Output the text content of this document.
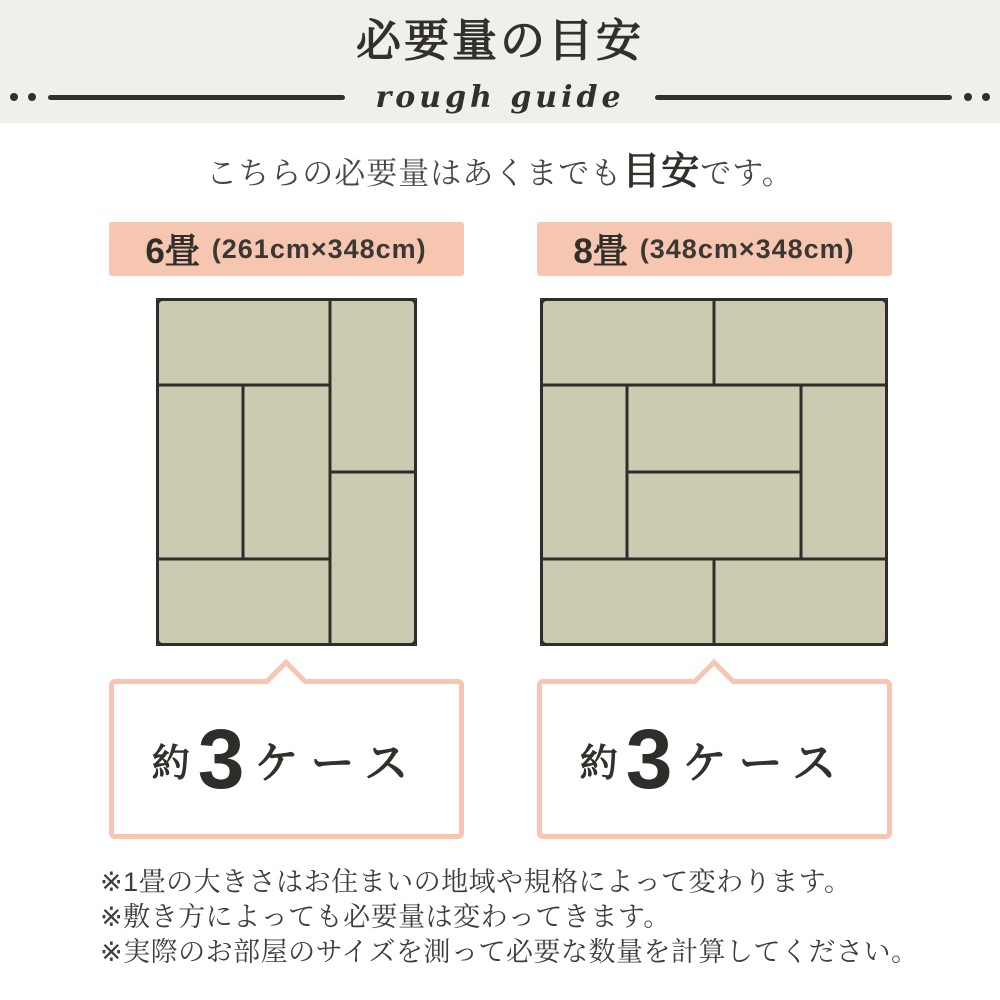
必要量の目安
rough guide

こちらの必要量はあくまでも目安です。

6畳 (261cm×348cm)
約 3 ケース
8畳 (348cm×348cm)
約 3 ケース
※1畳の大きさはお住まいの地域や規格によって変わります。
※敷き方によっても必要量は変わってきます。
※実際のお部屋のサイズを測って必要な数量を計算してください。
